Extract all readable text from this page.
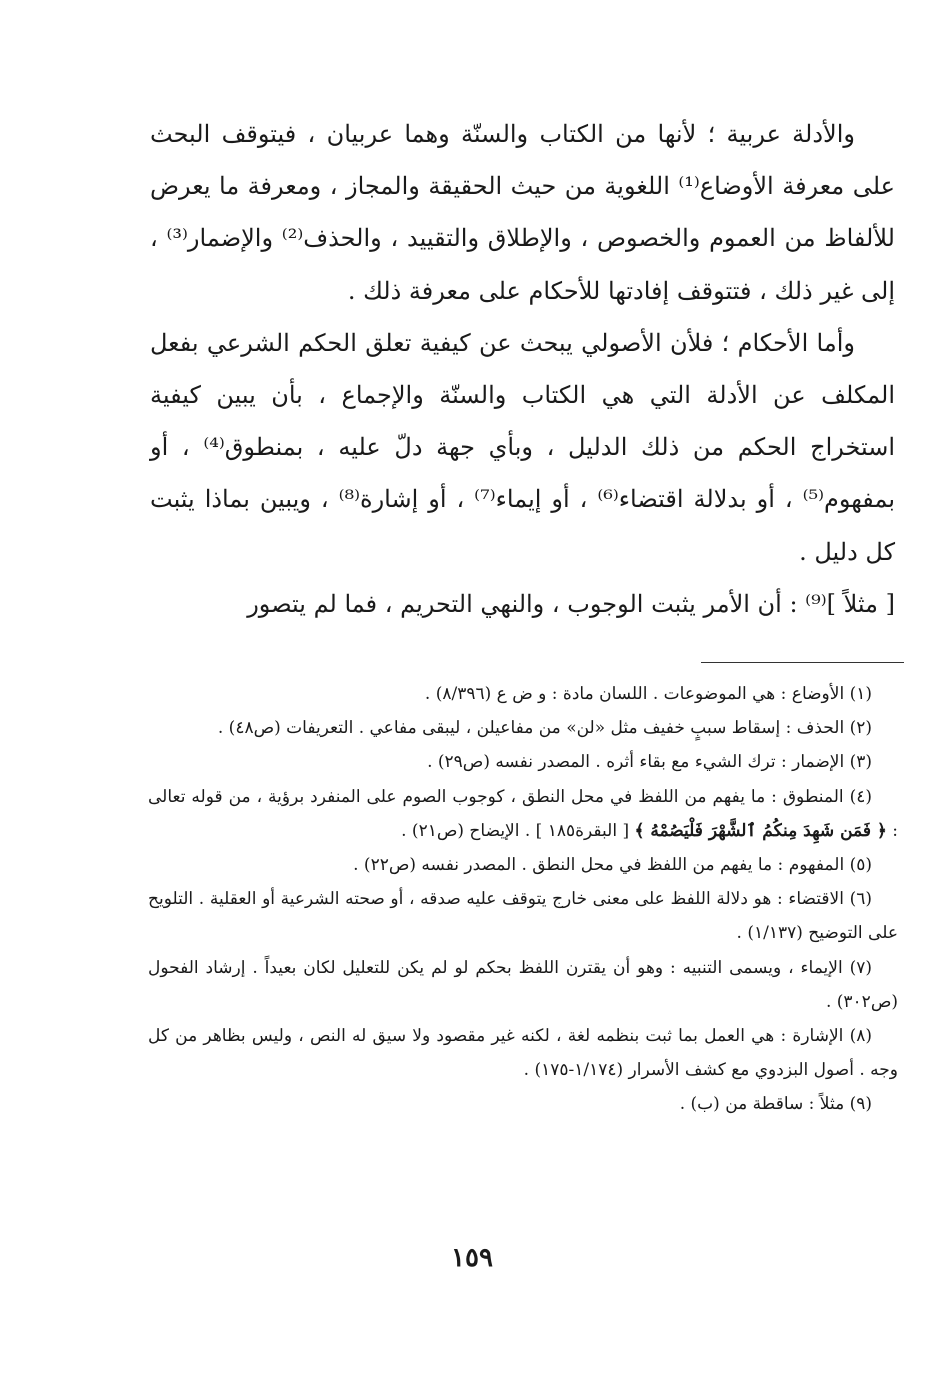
والأدلة عربية ؛ لأنها من الكتاب والسنّة وهما عربيان ، فيتوقف البحث على معرفة الأوضاع⁽¹⁾ اللغوية من حيث الحقيقة والمجاز ، ومعرفة ما يعرض للألفاظ من العموم والخصوص ، والإطلاق والتقييد ، والحذف⁽²⁾ والإضمار⁽³⁾ ، إلى غير ذلك ، فتتوقف إفادتها للأحكام على معرفة ذلك .

وأما الأحكام ؛ فلأن الأصولي يبحث عن كيفية تعلق الحكم الشرعي بفعل المكلف عن الأدلة التي هي الكتاب والسنّة والإجماع ، بأن يبين كيفية استخراج الحكم من ذلك الدليل ، وبأي جهة دلّ عليه ، بمنطوق⁽⁴⁾ ، أو بمفهوم⁽⁵⁾ ، أو بدلالة اقتضاء⁽⁶⁾ ، أو إيماء⁽⁷⁾ ، أو إشارة⁽⁸⁾ ، ويبين بماذا يثبت كل دليل .

[ مثلاً ]⁽⁹⁾ : أن الأمر يثبت الوجوب ، والنهي التحريم ، فما لم يتصور

(١) الأوضاع : هي الموضوعات . اللسان مادة : و ض ع (٨/٣٩٦) .

(٢) الحذف : إسقاط سببٍ خفيف مثل «لن» من مفاعيلن ، ليبقى مفاعي . التعريفات (ص٤٨) .

(٣) الإضمار : ترك الشيء مع بقاء أثره . المصدر نفسه (ص٢٩) .

(٤) المنطوق : ما يفهم من اللفظ في محل النطق ، كوجوب الصوم على المنفرد برؤية ، من قوله تعالى : ﴿ فَمَن شَهِدَ مِنكُمُ ٱلشَّهْرَ فَلْيَصُمْهُ ﴾ [ البقرة١٨٥ ] . الإيضاح (ص٢١) .

(٥) المفهوم : ما يفهم من اللفظ في محل النطق . المصدر نفسه (ص٢٢) .

(٦) الاقتضاء : هو دلالة اللفظ على معنى خارج يتوقف عليه صدقه ، أو صحته الشرعية أو العقلية . التلويح على التوضيح (١/١٣٧) .

(٧) الإيماء ، ويسمى التنبيه : وهو أن يقترن اللفظ بحكم لو لم يكن للتعليل لكان بعيداً . إرشاد الفحول (ص٣٠٢) .

(٨) الإشارة : هي العمل بما ثبت بنظمه لغة ، لكنه غير مقصود ولا سيق له النص ، وليس بظاهر من كل وجه . أصول البزدوي مع كشف الأسرار (١/١٧٤-١٧٥) .

(٩) مثلاً : ساقطة من (ب) .

١٥٩
